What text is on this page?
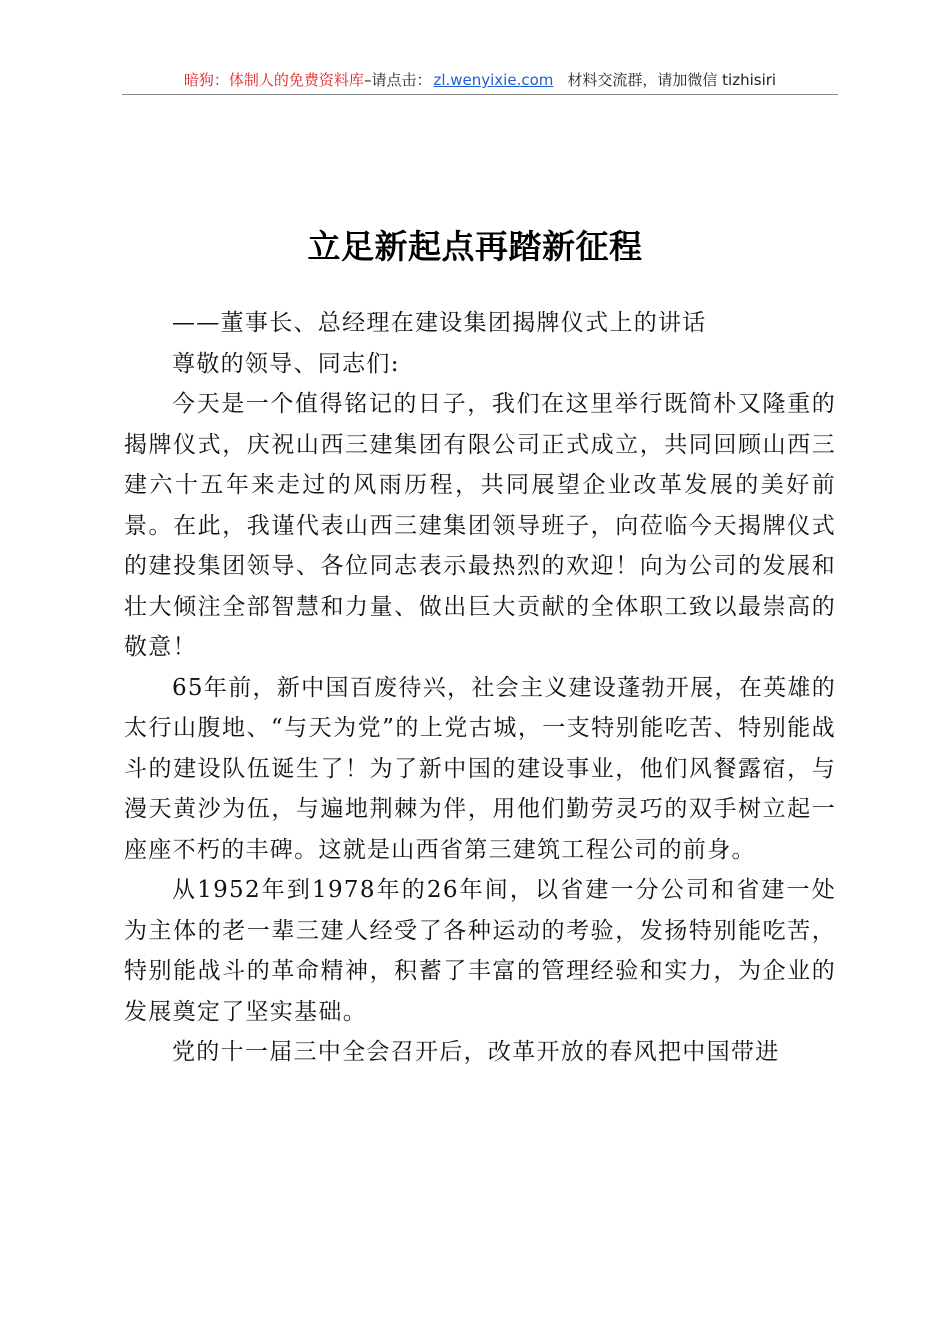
暗狗：体制人的免费资料库–请点击： zl.wenyixie.com 材料交流群，请加微信 tizhisiri
立足新起点再踏新征程

——董事长、总经理在建设集团揭牌仪式上的讲话

尊敬的领导、同志们:

今天是一个值得铭记的日子，我们在这里举行既简朴又隆重的揭牌仪式，庆祝山西三建集团有限公司正式成立，共同回顾山西三建六十五年来走过的风雨历程，共同展望企业改革发展的美好前景。在此，我谨代表山西三建集团领导班子，向莅临今天揭牌仪式的建投集团领导、各位同志表示最热烈的欢迎！向为公司的发展和壮大倾注全部智慧和力量、做出巨大贡献的全体职工致以最崇高的敬意！

65年前，新中国百废待兴，社会主义建设蓬勃开展，在英雄的太行山腹地、“与天为党”的上党古城，一支特别能吃苦、特别能战斗的建设队伍诞生了！为了新中国的建设事业，他们风餐露宿，与漫天黄沙为伍，与遍地荆棘为伴，用他们勤劳灵巧的双手树立起一座座不朽的丰碑。这就是山西省第三建筑工程公司的前身。

从1952年到1978年的26年间，以省建一分公司和省建一处为主体的老一辈三建人经受了各种运动的考验，发扬特别能吃苦，特别能战斗的革命精神，积蓄了丰富的管理经验和实力，为企业的发展奠定了坚实基础。

党的十一届三中全会召开后，改革开放的春风把中国带进
